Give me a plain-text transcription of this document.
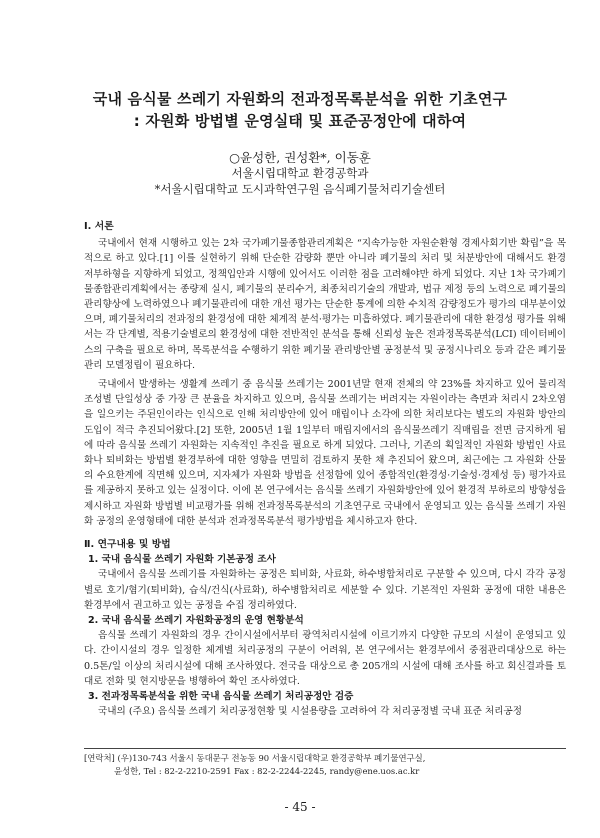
국내 음식물 쓰레기 자원화의 전과정목록분석을 위한 기초연구
: 자원화 방법별 운영실태 및 표준공정안에 대하여
○윤성한, 권성환*, 이동훈
서울시립대학교 환경공학과
*서울시립대학교 도시과학연구원 음식폐기물처리기술센터
Ⅰ. 서론

국내에서 현재 시행하고 있는 2차 국가폐기물종합관리계획은 “지속가능한 자원순환형 경제사회기반 확립”을 목적으로 하고 있다.[1] 이를 실현하기 위해 단순한 감량화 뿐만 아니라 폐기물의 처리 및 처분방안에 대해서도 환경 저부하형을 지향하게 되었고, 정책입안과 시행에 있어서도 이러한 점을 고려해야만 하게 되었다. 지난 1차 국가폐기물종합관리계획에서는 종량제 실시, 폐기물의 분리수거, 최종처리기술의 개발과, 법규 제정 등의 노력으로 폐기물의 관리향상에 노력하였으나 폐기물관리에 대한 개선 평가는 단순한 통계에 의한 수치적 감량정도가 평가의 대부분이었으며, 폐기물처리의 전과정의 환경성에 대한 체계적 분석·평가는 미흡하였다. 폐기물관리에 대한 환경성 평가를 위해서는 각 단계별, 적용기술별로의 환경성에 대한 전반적인 분석을 통해 신뢰성 높은 전과정목록분석(LCI) 데이터베이스의 구축을 필요로 하며, 목록분석을 수행하기 위한 폐기물 관리방안별 공정분석 및 공정시나리오 등과 같은 폐기물관리 모델정립이 필요하다.

국내에서 발생하는 생활계 쓰레기 중 음식물 쓰레기는 2001년말 현재 전체의 약 23%를 차지하고 있어 물리적 조성별 단일성상 중 가장 큰 분율을 차지하고 있으며, 음식물 쓰레기는 버려지는 자원이라는 측면과 처리시 2차오염을 일으키는 주된인이라는 인식으로 인해 처리방안에 있어 매립이나 소각에 의한 처리보다는 별도의 자원화 방안의 도입이 적극 추진되어왔다.[2] 또한, 2005년 1월 1일부터 매립지에서의 음식물쓰레기 직매립을 전면 금지하게 됨에 따라 음식물 쓰레기 자원화는 지속적인 추진을 필요로 하게 되었다. 그러나, 기존의 획일적인 자원화 방법인 사료화나 퇴비화는 방법별 환경부하에 대한 영향을 면밀히 검토하지 못한 채 추진되어 왔으며, 최근에는 그 자원화 산물의 수요한계에 직면해 있으며, 지자체가 자원화 방법을 선정함에 있어 종합적인(환경성·기술성·경제성 등) 평가자료를 제공하지 못하고 있는 실정이다. 이에 본 연구에서는 음식물 쓰레기 자원화방안에 있어 환경적 부하로의 방향성을 제시하고 자원화 방법별 비교평가를 위해 전과정목록분석의 기초연구로 국내에서 운영되고 있는 음식물 쓰레기 자원화 공정의 운영형태에 대한 분석과 전과정목록분석 평가방법을 체시하고자 한다.

Ⅱ. 연구내용 및 방법
1. 국내 음식물 쓰레기 자원화 기본공정 조사

국내에서 음식물 쓰레기를 자원화하는 공정은 퇴비화, 사료화, 하수병합처리로 구분할 수 있으며, 다시 각각 공정별로 호기/혐기(퇴비화), 습식/건식(사료화), 하수병합처리로 세분할 수 있다. 기본적인 자원화 공정에 대한 내용은 환경부에서 권고하고 있는 공정을 수집 정리하였다.

2. 국내 음식물 쓰레기 자원화공정의 운영 현황분석

음식물 쓰레기 자원화의 경우 간이시설에서부터 광역처리시설에 이르기까지 다양한 규모의 시설이 운영되고 있다. 간이시설의 경우 일정한 체계별 처리공정의 구분이 어려워, 본 연구에서는 환경부에서 중점관리대상으로 하는 0.5톤/일 이상의 처리시설에 대해 조사하였다. 전국을 대상으로 총 205개의 시설에 대해 조사를 하고 회신결과를 토대로 전화 및 현지방문을 병행하여 확인 조사하였다.

3. 전과정목록분석을 위한 국내 음식물 쓰레기 처리공정안 검증

국내의 (주요) 음식물 쓰레기 처리공정현황 및 시설용량을 고려하여 각 처리공정별 국내 표준 처리공정

[연락처] (우)130-743 서울시 동대문구 전농동 90 서울시립대학교 환경공학부 폐기물연구실,
윤성한, Tel : 82-2-2210-2591 Fax : 82-2-2244-2245, randy@ene.uos.ac.kr
- 45 -
